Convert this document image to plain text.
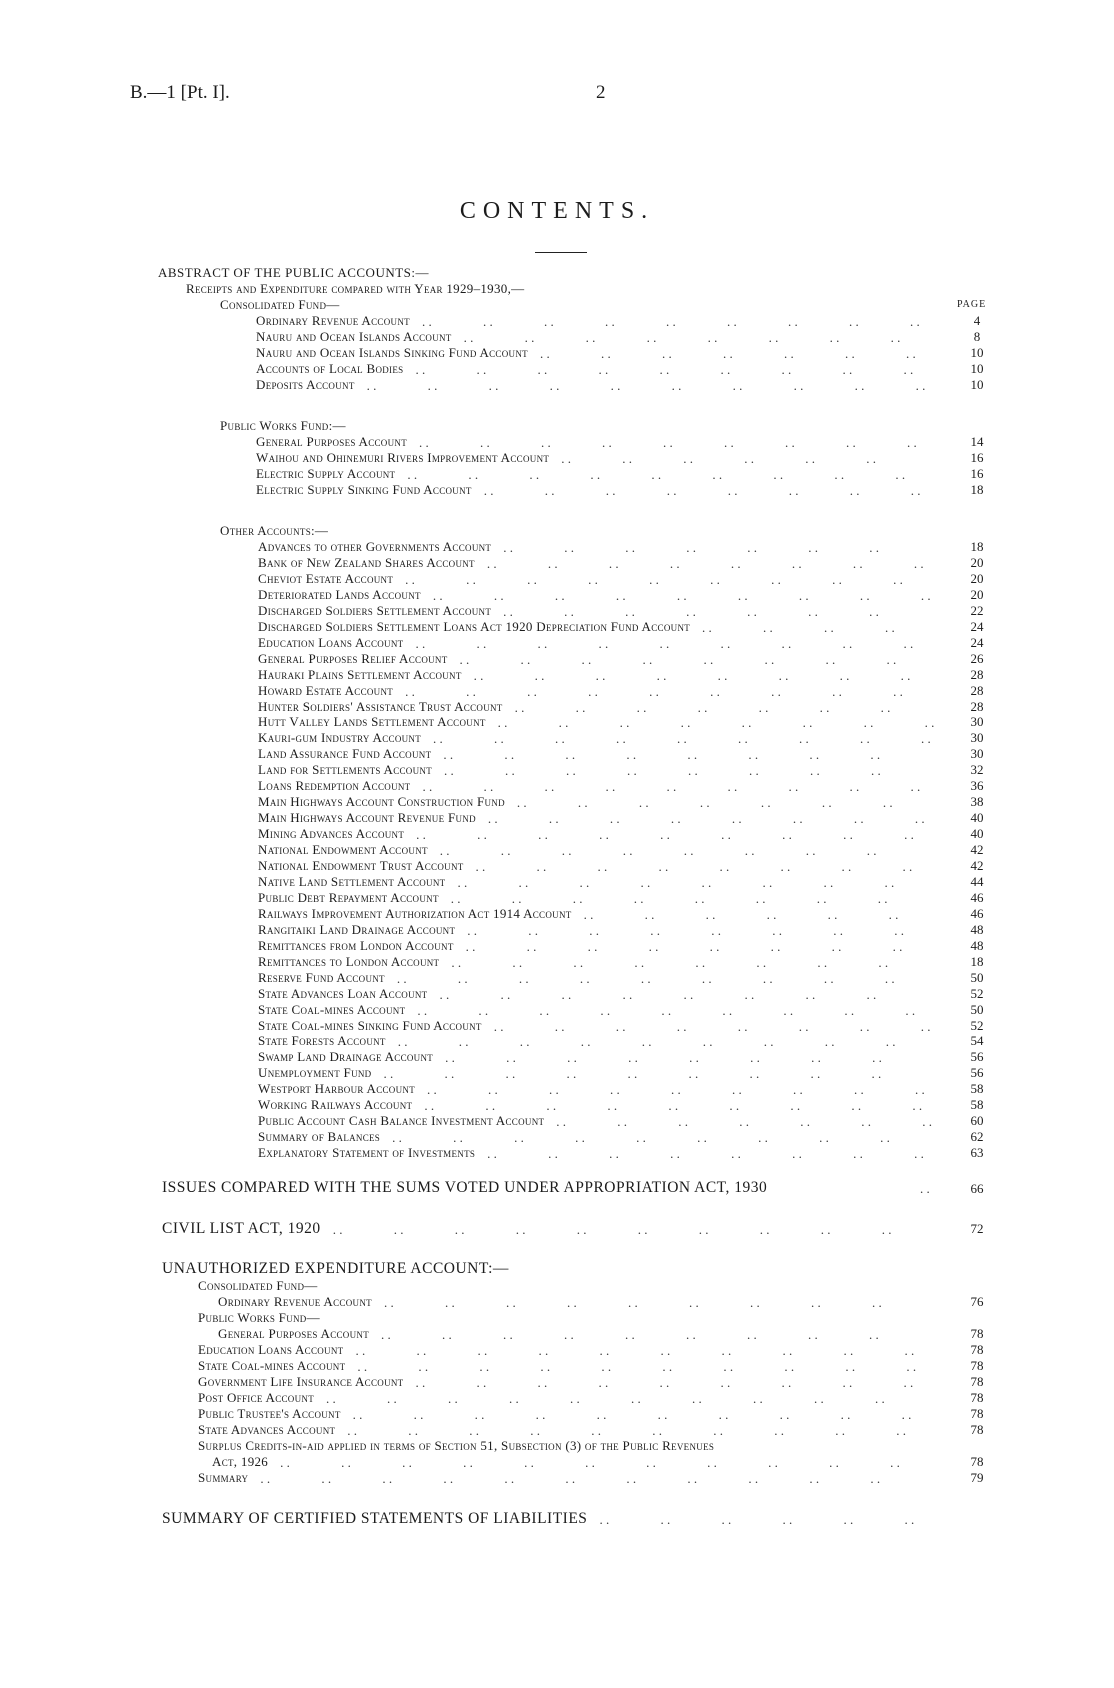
B.—1 [Pt. I].	2
CONTENTS.
ABSTRACT OF THE PUBLIC ACCOUNTS:—
Receipts and Expenditure compared with Year 1929–1930,—
Consolidated Fund—	PAGE
Ordinary Revenue Account . .	. .	. .	. .	. .	. .	. .	. .	. .	4
Nauru and Ocean Islands Account . .	. .	. .	. .	. .	. .	. .	. .	8
Nauru and Ocean Islands Sinking Fund Account . .	. .	. .	. .	. .	. .	. .	10
Accounts of Local Bodies . .	. .	. .	. .	. .	. .	. .	. .	. .	10
Deposits Account . .	. .	. .	. .	. .	. .	. .	. .	. .	. .	10
Public Works Fund:—
General Purposes Account . .	. .	. .	. .	. .	. .	. .	. .	. .	14
Waihou and Ohinemuri Rivers Improvement Account . .	. .	. .	. .	. .	. .	16
Electric Supply Account . .	. .	. .	. .	. .	. .	. .	. .	. .	16
Electric Supply Sinking Fund Account . .	. .	. .	. .	. .	. .	. .	. .	18
Other Accounts:—
Advances to other Governments Account . .	. .	. .	. .	. .	. .	. .	18
Bank of New Zealand Shares Account . .	. .	. .	. .	. .	. .	. .	. .	20
Cheviot Estate Account . .	. .	. .	. .	. .	. .	. .	. .	. .	20
Deteriorated Lands Account . .	. .	. .	. .	. .	. .	. .	. .	. .	20
Discharged Soldiers Settlement Account . .	. .	. .	. .	. .	. .	. .	22
Discharged Soldiers Settlement Loans Act 1920 Depreciation Fund Account . .	. .	. .	. .	24
Education Loans Account . .	. .	. .	. .	. .	. .	. .	. .	. .	24
General Purposes Relief Account . .	. .	. .	. .	. .	. .	. .	. .	26
Hauraki Plains Settlement Account . .	. .	. .	. .	. .	. .	. .	. .	28
Howard Estate Account . .	. .	. .	. .	. .	. .	. .	. .	. .	28
Hunter Soldiers' Assistance Trust Account . .	. .	. .	. .	. .	. .	. .	28
Hutt Valley Lands Settlement Account . .	. .	. .	. .	. .	. .	. .	. .	30
Kauri-gum Industry Account . .	. .	. .	. .	. .	. .	. .	. .	. .	30
Land Assurance Fund Account . .	. .	. .	. .	. .	. .	. .	. .	30
Land for Settlements Account . .	. .	. .	. .	. .	. .	. .	. .	32
Loans Redemption Account . .	. .	. .	. .	. .	. .	. .	. .	. .	36
Main Highways Account Construction Fund . .	. .	. .	. .	. .	. .	. .	38
Main Highways Account Revenue Fund . .	. .	. .	. .	. .	. .	. .	. .	40
Mining Advances Account . .	. .	. .	. .	. .	. .	. .	. .	. .	40
National Endowment Account . .	. .	. .	. .	. .	. .	. .	. .	42
National Endowment Trust Account . .	. .	. .	. .	. .	. .	. .	. .	42
Native Land Settlement Account . .	. .	. .	. .	. .	. .	. .	. .	44
Public Debt Repayment Account . .	. .	. .	. .	. .	. .	. .	. .	46
Railways Improvement Authorization Act 1914 Account . .	. .	. .	. .	. .	. .	46
Rangitaiki Land Drainage Account . .	. .	. .	. .	. .	. .	. .	. .	48
Remittances from London Account . .	. .	. .	. .	. .	. .	. .	. .	48
Remittances to London Account . .	. .	. .	. .	. .	. .	. .	. .	18
Reserve Fund Account . .	. .	. .	. .	. .	. .	. .	. .	. .	50
State Advances Loan Account . .	. .	. .	. .	. .	. .	. .	. .	52
State Coal-mines Account . .	. .	. .	. .	. .	. .	. .	. .	. .	50
State Coal-mines Sinking Fund Account . .	. .	. .	. .	. .	. .	. .	. .	52
State Forests Account . .	. .	. .	. .	. .	. .	. .	. .	. .	54
Swamp Land Drainage Account . .	. .	. .	. .	. .	. .	. .	. .	56
Unemployment Fund . .	. .	. .	. .	. .	. .	. .	. .	. .	56
Westport Harbour Account . .	. .	. .	. .	. .	. .	. .	. .	. .	58
Working Railways Account . .	. .	. .	. .	. .	. .	. .	. .	. .	58
Public Account Cash Balance Investment Account . .	. .	. .	. .	. .	. .	. .	60
Summary of Balances . .	. .	. .	. .	. .	. .	. .	. .	. .	62
Explanatory Statement of Investments . .	. .	. .	. .	. .	. .	. .	. .	63
ISSUES COMPARED WITH THE SUMS VOTED UNDER APPROPRIATION ACT, 1930	. .	66
CIVIL LIST ACT, 1920 . .	. .	. .	. .	. .	. .	. .	. .	. .	. .	72
UNAUTHORIZED EXPENDITURE ACCOUNT:—
Consolidated Fund—
Ordinary Revenue Account . .	. .	. .	. .	. .	. .	. .	. .	. .	76
Public Works Fund—
General Purposes Account . .	. .	. .	. .	. .	. .	. .	. .	. .	78
Education Loans Account . .	. .	. .	. .	. .	. .	. .	. .	. .	. .	78
State Coal-mines Account . .	. .	. .	. .	. .	. .	. .	. .	. .	. .	78
Government Life Insurance Account . .	. .	. .	. .	. .	. .	. .	. .	. .	78
Post Office Account . .	. .	. .	. .	. .	. .	. .	. .	. .	. .	78
Public Trustee's Account . .	. .	. .	. .	. .	. .	. .	. .	. .	. .	78
State Advances Account . .	. .	. .	. .	. .	. .	. .	. .	. .	. .	78
Surplus Credits-in-aid applied in terms of Section 51, Subsection (3) of the Public Revenues
Act, 1926 . .	. .	. .	. .	. .	. .	. .	. .	. .	. .	. .	78
Summary . .	. .	. .	. .	. .	. .	. .	. .	. .	. .	. .	79
SUMMARY OF CERTIFIED STATEMENTS OF LIABILITIES . .	. .	. .	. .	. .	. .
